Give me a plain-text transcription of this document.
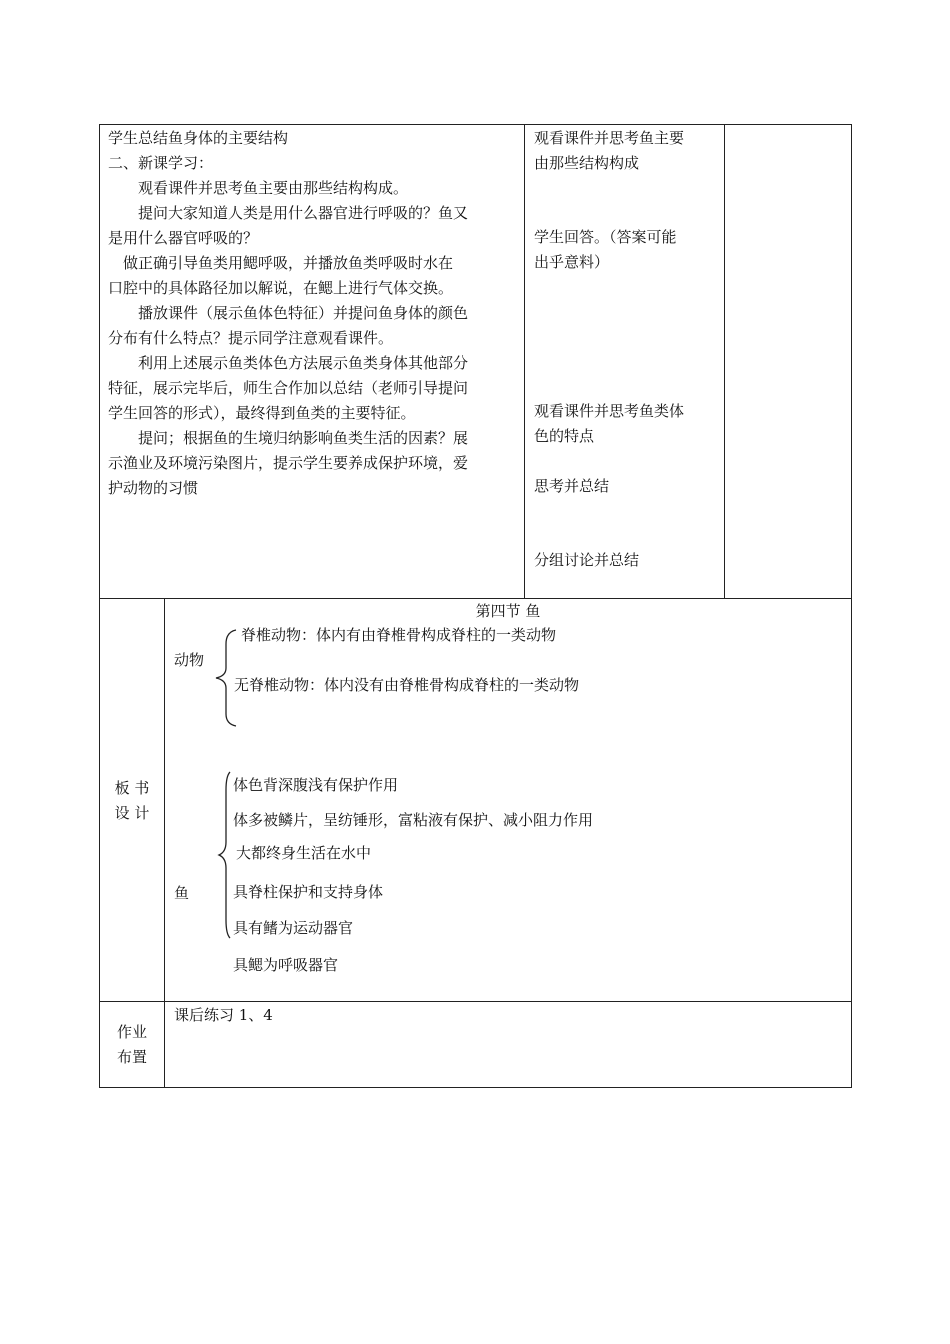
学生总结鱼身体的主要结构
二、新课学习：
　　观看课件并思考鱼主要由那些结构构成。
　　提问大家知道人类是用什么器官进行呼吸的？鱼又
是用什么器官呼吸的？
　做正确引导鱼类用鳃呼吸，并播放鱼类呼吸时水在
口腔中的具体路径加以解说，在鳃上进行气体交换。
　　播放课件（展示鱼体色特征）并提问鱼身体的颜色
分布有什么特点？提示同学注意观看课件。
　　利用上述展示鱼类体色方法展示鱼类身体其他部分
特征，展示完毕后，师生合作加以总结（老师引导提问
学生回答的形式），最终得到鱼类的主要特征。
　　提问；根据鱼的生境归纳影响鱼类生活的因素？展
示渔业及环境污染图片，提示学生要养成保护环境，爱
护动物的习惯
观看课件并思考鱼主要
由那些结构构成
学生回答。（答案可能
出乎意料）
观看课件并思考鱼类体
色的特点
思考并总结
分组讨论并总结
板 书
设 计
第四节 鱼
动物
脊椎动物：体内有由脊椎骨构成脊柱的一类动物
无脊椎动物：体内没有由脊椎骨构成脊柱的一类动物
鱼
体色背深腹浅有保护作用
体多被鳞片，呈纺锤形，富粘液有保护、减小阻力作用
大都终身生活在水中
具脊柱保护和支持身体
具有鳍为运动器官
具鳃为呼吸器官
作业
布置
课后练习 1、4
